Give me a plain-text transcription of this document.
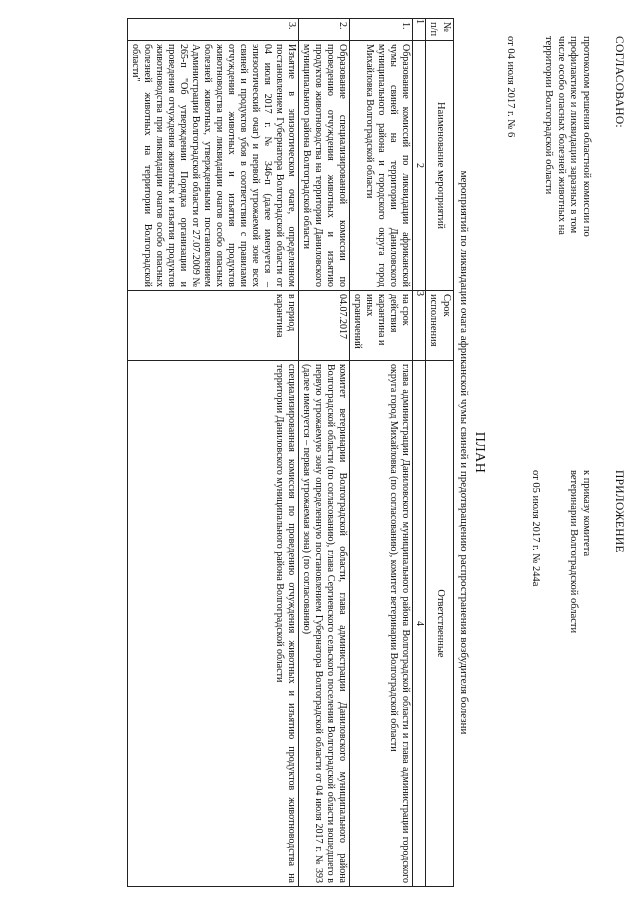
СОГЛАСОВАНО:
протоколом решения областной комиссии по
профилактике и ликвидации заразных в том
числе особо опасных болезней животных на
территории Волгоградской области
от 04 июля 2017 г. № 6
ПРИЛОЖЕНИЕ
к приказу комитета
ветеринарии Волгоградской области
от 05 июля 2017 г. № 244а
ПЛАН
мероприятий по ликвидации очага африканской чумы свиней и предотвращению распространения возбудителя болезни
№ п/п	Наименование мероприятий	Срок исполнения	Ответственные
1	2	3	4
1.	Образование комиссий по ликвидации африканской чумы свиней на территории Даниловского муниципального района и городского округа город Михайловка Волгоградской области	на срок действия карантина и иных ограничений	глава администрации Даниловского муниципального района Волгоградской области и глава администрации городского округа город Михайловка (по согласованию), комитет ветеринарии Волгоградской области
2.	Образование специализированной комиссии по проведению отчуждения животных и изъятию продуктов животноводства на территории Даниловского муниципального района Волгоградской области	04.07.2017	комитет ветеринарии Волгоградской области, глава администрации Даниловского муниципального района Волгоградской области (по согласованию), глава Сергиевского сельского поселения Волгоградской области вошедшего в первую угрожаемую зону определенную постановлением Губернатора Волгоградской области от 04 июля 2017 г. № 393 (далее именуется – первая угрожаемая зона) (по согласованию)
3.	Изъятие в эпизоотическом очаге, определенном постановлением Губернатора Волгоградской области от 04 июля 2017 г. № 346-п (далее именуется – эпизоотический очаг) и первой угрожаемой зоне всех свиней и продуктов убоя в соответствии с правилами отчуждения животных и изъятия продуктов животноводства при ликвидации очагов особо опасных болезней животных, утвержденными постановлением Администрации Волгоградской области от 27.07.2009 № 265-п "Об утверждении Порядка организации и проведения отчуждения животных и изъятия продуктов животноводства при ликвидации очагов особо опасных болезней животных на территории Волгоградской области"	в период карантина	специализированная комиссия по проведению отчуждения животных и изъятию продуктов животноводства на территории Даниловского муниципального района Волгоградской области
